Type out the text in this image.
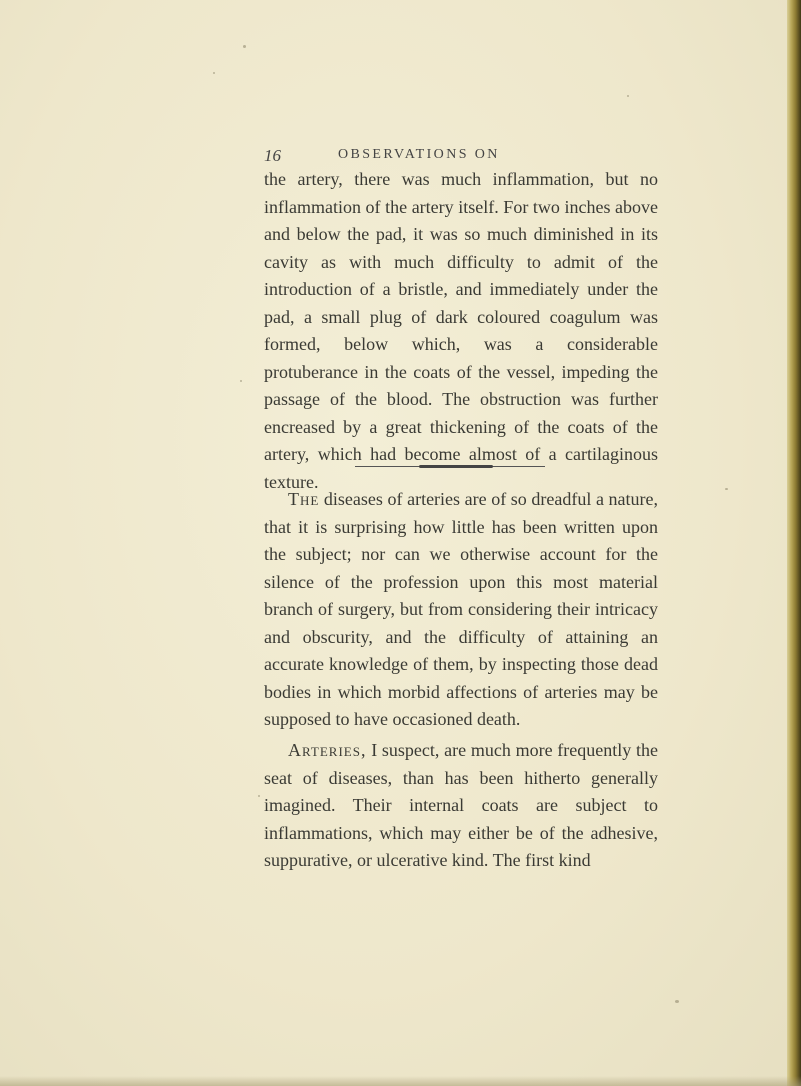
16	OBSERVATIONS ON

the artery, there was much inflammation, but no inflammation of the artery itself. For two inches above and below the pad, it was so much diminished in its cavity as with much difficulty to admit of the introduction of a bristle, and immediately under the pad, a small plug of dark coloured coagulum was formed, below which, was a considerable protuberance in the coats of the vessel, impeding the passage of the blood. The obstruction was further encreased by a great thickening of the coats of the artery, which had become almost of a cartilaginous texture.

The diseases of arteries are of so dreadful a nature, that it is surprising how little has been written upon the subject; nor can we otherwise account for the silence of the profession upon this most material branch of surgery, but from considering their intricacy and obscurity, and the difficulty of attaining an accurate knowledge of them, by inspecting those dead bodies in which morbid affections of arteries may be supposed to have occasioned death.

Arteries, I suspect, are much more frequently the seat of diseases, than has been hitherto generally imagined. Their internal coats are subject to inflammations, which may either be of the adhesive, suppurative, or ulcerative kind. The first kind
